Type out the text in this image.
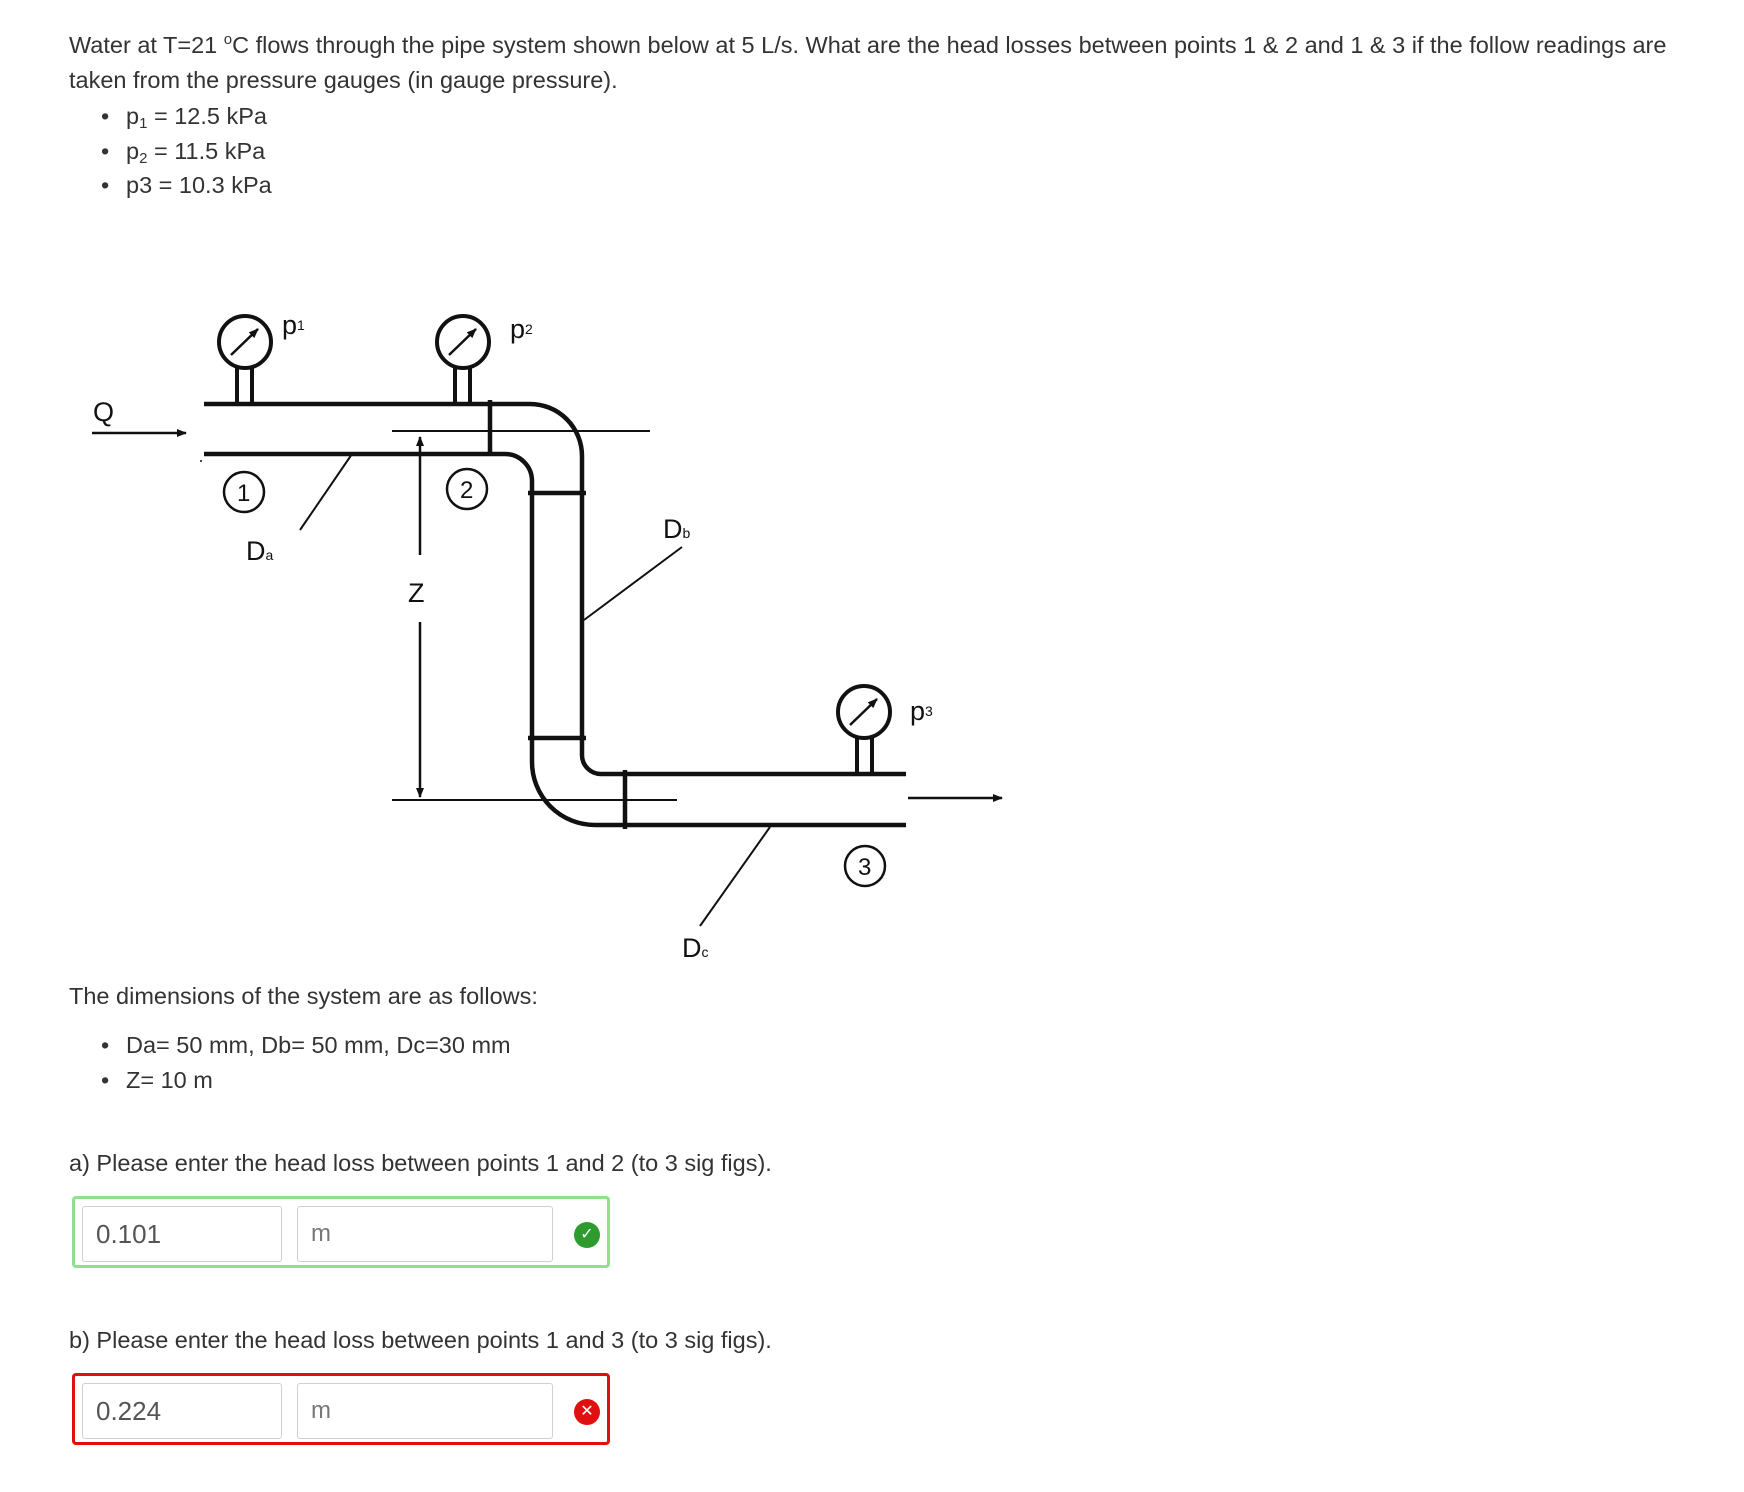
Water at T=21 $^o$C flows through the pipe system shown below at 5 L/s. What are the head losses between points 1 & 2 and 1 & 3 if the follow readings are taken from the pressure gauges (in gauge pressure).

• $p_1 = 12.5$ kPa
• $p_2 = 11.5$ kPa
• p3 = 10.3 kPa
Z
p1	p2
p3
Q
1	2
3
Da
Db
Dc

The dimensions of the system are as follows:

• Da= 50 mm, Db= 50 mm, Dc=30 mm
• Z= 10 m

a) Please enter the head loss between points 1 and 2 (to 3 sig figs).

0.101
m	✓

b) Please enter the head loss between points 1 and 3 (to 3 sig figs).

0.224
m	✕
